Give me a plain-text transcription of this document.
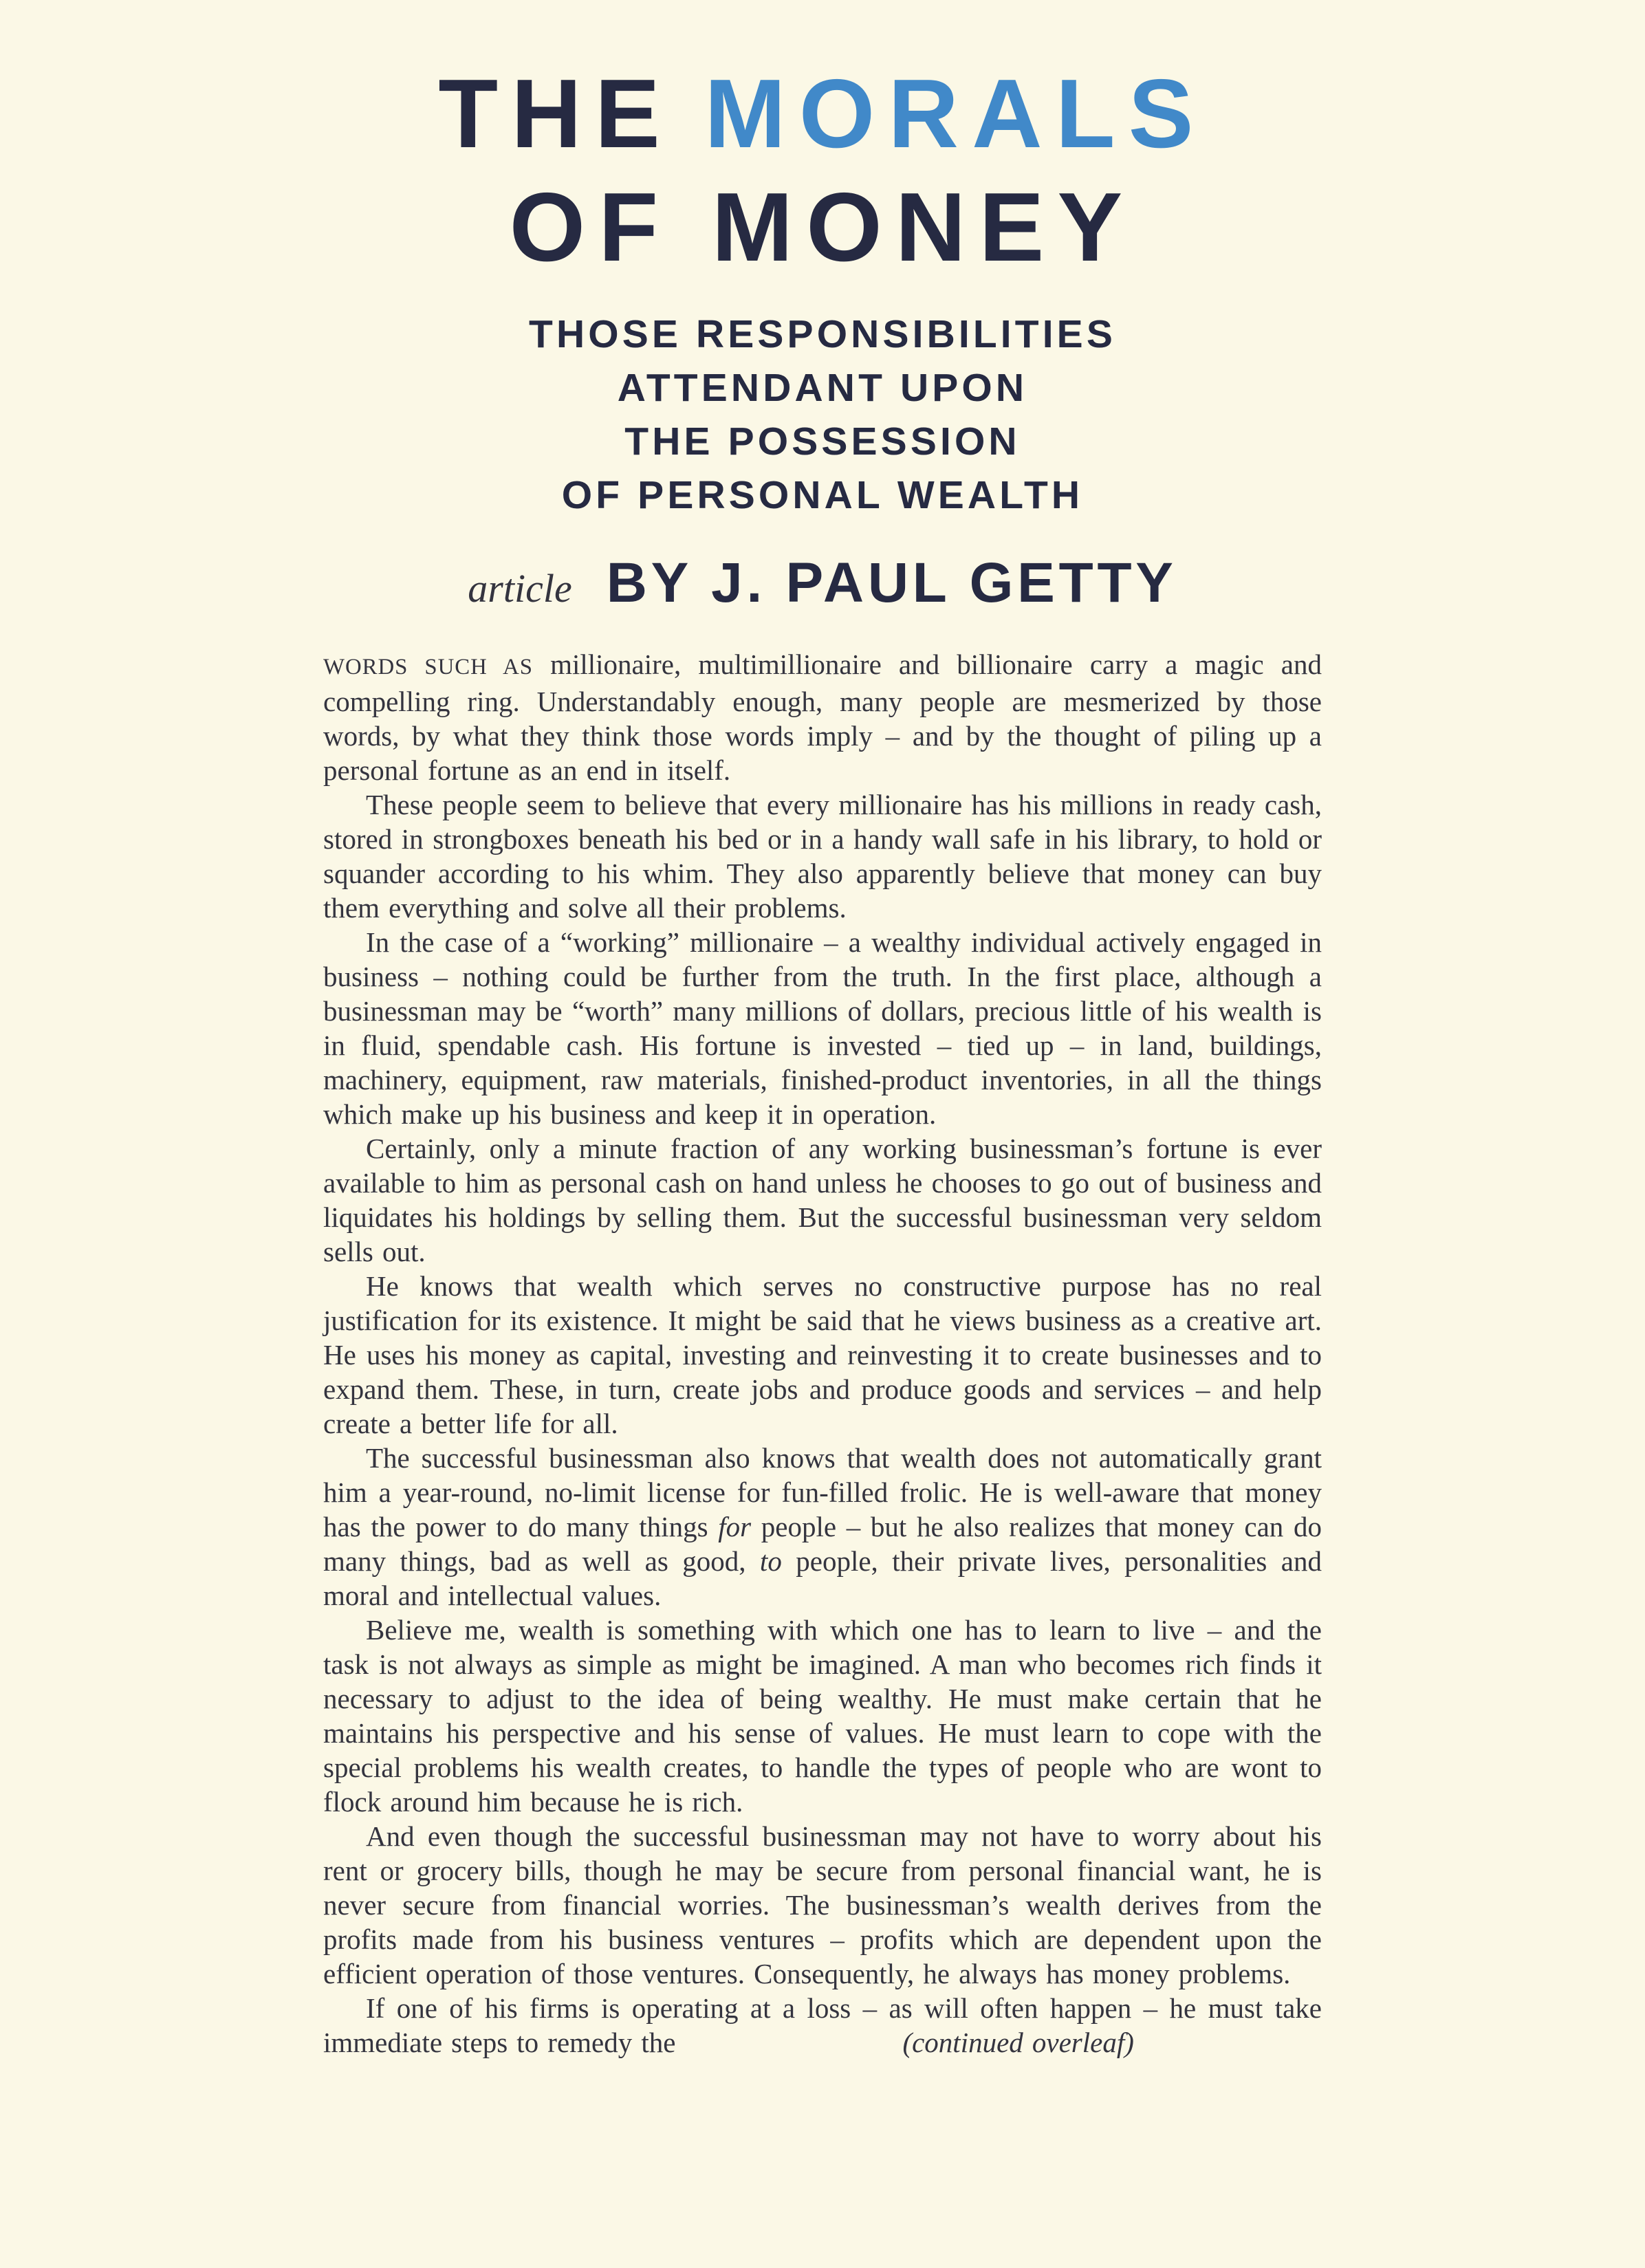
THE MORALS
OF MONEY
THOSE RESPONSIBILITIES
ATTENDANT UPON
THE POSSESSION
OF PERSONAL WEALTH
article BY J. PAUL GETTY

WORDS SUCH AS millionaire, multimillionaire and billionaire carry a magic and compelling ring. Understandably enough, many people are mesmerized by those words, by what they think those words imply – and by the thought of piling up a personal fortune as an end in itself.

These people seem to believe that every millionaire has his millions in ready cash, stored in strongboxes beneath his bed or in a handy wall safe in his library, to hold or squander according to his whim. They also apparently believe that money can buy them everything and solve all their problems.

In the case of a “working” millionaire – a wealthy individual actively engaged in business – nothing could be further from the truth. In the first place, although a businessman may be “worth” many millions of dollars, precious little of his wealth is in fluid, spendable cash. His fortune is invested – tied up – in land, buildings, machinery, equipment, raw materials, finished-product inventories, in all the things which make up his business and keep it in operation.

Certainly, only a minute fraction of any working businessman’s fortune is ever available to him as personal cash on hand unless he chooses to go out of business and liquidates his holdings by selling them. But the successful businessman very seldom sells out.

He knows that wealth which serves no constructive purpose has no real justification for its existence. It might be said that he views business as a creative art. He uses his money as capital, investing and reinvesting it to create businesses and to expand them. These, in turn, create jobs and produce goods and services – and help create a better life for all.

The successful businessman also knows that wealth does not automatically grant him a year-round, no-limit license for fun-filled frolic. He is well-aware that money has the power to do many things for people – but he also realizes that money can do many things, bad as well as good, to people, their private lives, personalities and moral and intellectual values.

Believe me, wealth is something with which one has to learn to live – and the task is not always as simple as might be imagined. A man who becomes rich finds it necessary to adjust to the idea of being wealthy. He must make certain that he maintains his perspective and his sense of values. He must learn to cope with the special problems his wealth creates, to handle the types of people who are wont to flock around him because he is rich.

And even though the successful businessman may not have to worry about his rent or grocery bills, though he may be secure from personal financial want, he is never secure from financial worries. The businessman’s wealth derives from the profits made from his business ventures – profits which are dependent upon the efficient operation of those ventures. Consequently, he always has money problems.

If one of his firms is operating at a loss – as will often happen – he must take immediate steps to remedy the	(continued overleaf)
